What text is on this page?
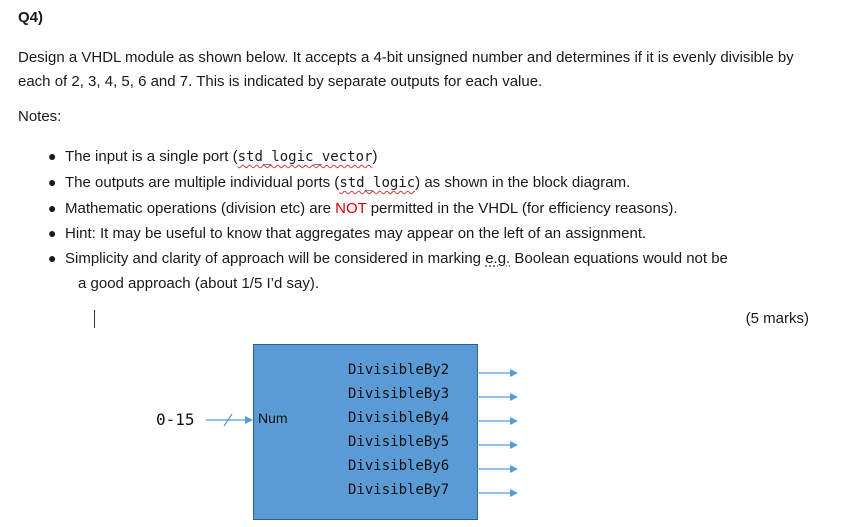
Q4)
Design a VHDL module as shown below. It accepts a 4-bit unsigned number and determines if it is evenly divisible by each of 2, 3, 4, 5, 6 and 7. This is indicated by separate outputs for each value.
Notes:
● The input is a single port (std_logic_vector)
● The outputs are multiple individual ports (std_logic) as shown in the block diagram.
● Mathematic operations (division etc) are NOT permitted in the VHDL (for efficiency reasons).
● Hint: It may be useful to know that aggregates may appear on the left of an assignment.
● Simplicity and clarity of approach will be considered in marking e.g. Boolean equations would not be
a good approach (about 1/5 I’d say).
(5 marks)
DivisibleBy2
DivisibleBy3
DivisibleBy4
DivisibleBy5
DivisibleBy6
DivisibleBy7
Num
0-15
